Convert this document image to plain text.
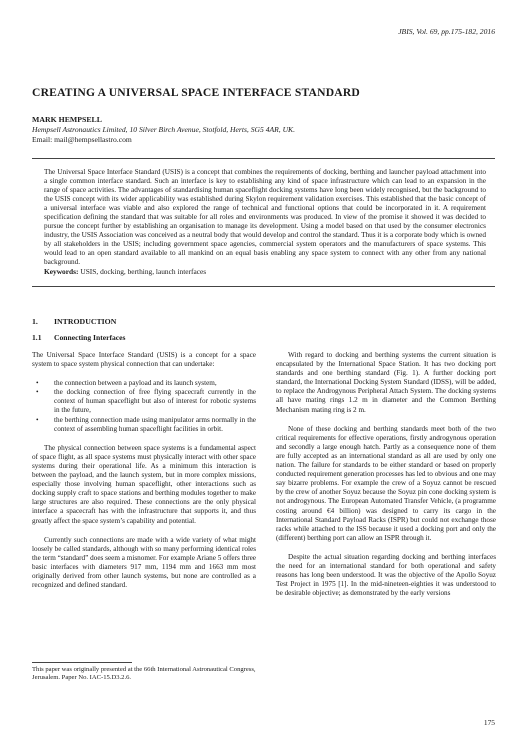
JBIS, Vol. 69, pp.175-182, 2016
CREATING A UNIVERSAL SPACE INTERFACE STANDARD
MARK HEMPSELL
Hempsell Astronautics Limited, 10 Silver Birch Avenue, Stotfold, Herts, SG5 4AR, UK.
Email: mail@hempsellastro.com
The Universal Space Interface Standard (USIS) is a concept that combines the requirements of docking, berthing and launcher payload attachment into a single common interface standard. Such an interface is key to establishing any kind of space infrastructure which can lead to an expansion in the range of space activities. The advantages of standardising human spaceflight docking systems have long been widely recognised, but the background to the USIS concept with its wider applicability was established during Skylon requirement validation exercises. This established that the basic concept of a universal interface was viable and also explored the range of technical and functional options that could be incorporated in it. A requirement specification defining the standard that was suitable for all roles and environments was produced. In view of the promise it showed it was decided to pursue the concept further by establishing an organisation to manage its development. Using a model based on that used by the consumer electronics industry, the USIS Association was conceived as a neutral body that would develop and control the standard. Thus it is a corporate body which is owned by all stakeholders in the USIS; including government space agencies, commercial system operators and the manufacturers of space systems. This would lead to an open standard available to all mankind on an equal basis enabling any space system to connect with any other from any national background.
Keywords: USIS, docking, berthing, launch interfaces
1. INTRODUCTION
1.1 Connecting Interfaces

The Universal Space Interface Standard (USIS) is a concept for a space system to space system physical connection that can undertake:

• the connection between a payload and its launch system,
• the docking connection of free flying spacecraft currently in the context of human spaceflight but also of interest for robotic systems in the future,
• the berthing connection made using manipulator arms normally in the context of assembling human spaceflight facilities in orbit.

The physical connection between space systems is a fundamental aspect of space flight, as all space systems must physically interact with other space systems during their operational life. As a minimum this interaction is between the payload, and the launch system, but in more complex missions, especially those involving human spaceflight, other interactions such as docking supply craft to space stations and berthing modules together to make large structures are also required. These connections are the only physical interface a spacecraft has with the infrastructure that supports it, and thus greatly affect the space system’s capability and potential.

Currently such connections are made with a wide variety of what might loosely be called standards, although with so many performing identical roles the term “standard” does seem a misnomer. For example Ariane 5 offers three basic interfaces with diameters 917 mm, 1194 mm and 1663 mm most originally derived from other launch systems, but none are controlled as a recognized and defined standard.

This paper was originally presented at the 66th International Astronautical Congress, Jerusalem. Paper No. IAC-15.D3.2.6.

With regard to docking and berthing systems the current situation is encapsulated by the International Space Station. It has two docking port standards and one berthing standard (Fig. 1). A further docking port standard, the International Docking System Standard (IDSS), will be added, to replace the Androgynous Peripheral Attach System. The docking systems all have mating rings 1.2 m in diameter and the Common Berthing Mechanism mating ring is 2 m.

None of these docking and berthing standards meet both of the two critical requirements for effective operations, firstly androgynous operation and secondly a large enough hatch. Partly as a consequence none of them are fully accepted as an international standard as all are used by only one nation. The failure for standards to be either standard or based on properly conducted requirement generation processes has led to obvious and one may say bizarre problems. For example the crew of a Soyuz cannot be rescued by the crew of another Soyuz because the Soyuz pin cone docking system is not androgynous. The European Automated Transfer Vehicle, (a programme costing around €4 billion) was designed to carry its cargo in the International Standard Payload Racks (ISPR) but could not exchange those racks while attached to the ISS because it used a docking port and only the (different) berthing port can allow an ISPR through it.

Despite the actual situation regarding docking and berthing interfaces the need for an international standard for both operational and safety reasons has long been understood. It was the objective of the Apollo Soyuz Test Project in 1975 [1]. In the mid-nineteen-eighties it was understood to be desirable objective; as demonstrated by the early versions

175
